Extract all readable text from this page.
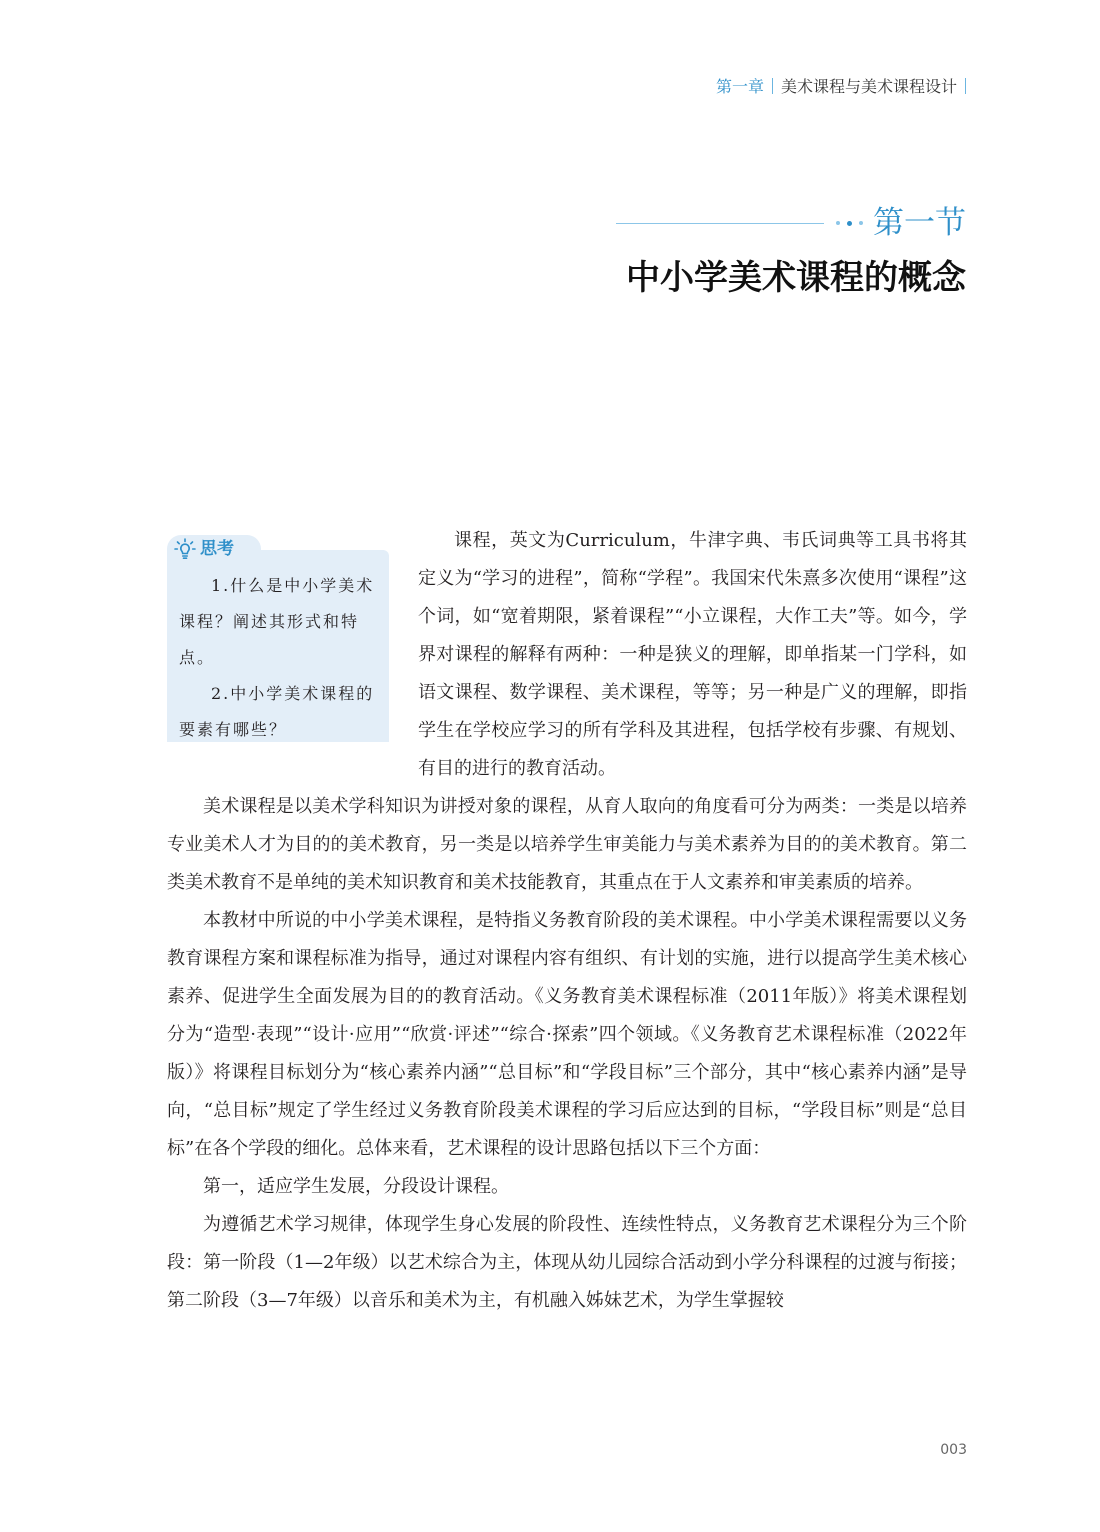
第一章 美术课程与美术课程设计
第一节
中小学美术课程的概念
思考

1.什么是中小学美术课程？阐述其形式和特点。

2.中小学美术课程的要素有哪些？

课程，英文为Curriculum，牛津字典、韦氏词典等工具书将其定义为“学习的进程”，简称“学程”。我国宋代朱熹多次使用“课程”这个词，如“宽着期限，紧着课程”“小立课程，大作工夫”等。如今，学界对课程的解释有两种：一种是狭义的理解，即单指某一门学科，如语文课程、数学课程、美术课程，等等；另一种是广义的理解，即指学生在学校应学习的所有学科及其进程，包括学校有步骤、有规划、有目的进行的教育活动。

美术课程是以美术学科知识为讲授对象的课程，从育人取向的角度看可分为两类：一类是以培养专业美术人才为目的的美术教育，另一类是以培养学生审美能力与美术素养为目的的美术教育。第二类美术教育不是单纯的美术知识教育和美术技能教育，其重点在于人文素养和审美素质的培养。

本教材中所说的中小学美术课程，是特指义务教育阶段的美术课程。中小学美术课程需要以义务教育课程方案和课程标准为指导，通过对课程内容有组织、有计划的实施，进行以提高学生美术核心素养、促进学生全面发展为目的的教育活动。《义务教育美术课程标准（2011年版）》将美术课程划分为“造型·表现”“设计·应用”“欣赏·评述”“综合·探索”四个领域。《义务教育艺术课程标准（2022年版）》将课程目标划分为“核心素养内涵”“总目标”和“学段目标”三个部分，其中“核心素养内涵”是导向，“总目标”规定了学生经过义务教育阶段美术课程的学习后应达到的目标，“学段目标”则是“总目标”在各个学段的细化。总体来看，艺术课程的设计思路包括以下三个方面：

第一，适应学生发展，分段设计课程。

为遵循艺术学习规律，体现学生身心发展的阶段性、连续性特点，义务教育艺术课程分为三个阶段：第一阶段（1—2年级）以艺术综合为主，体现从幼儿园综合活动到小学分科课程的过渡与衔接；第二阶段（3—7年级）以音乐和美术为主，有机融入姊妹艺术，为学生掌握较

003
